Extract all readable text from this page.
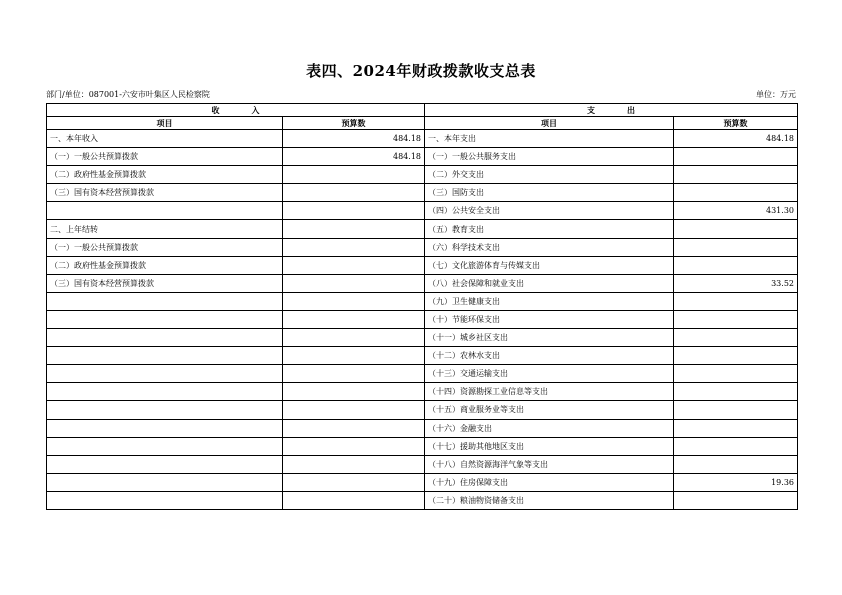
表四、2024年财政拨款收支总表
部门/单位：087001-六安市叶集区人民检察院	单位：万元
收　　　　入		支　　　　出	
项目	预算数	项目	预算数
一、本年收入	484.18	一、本年支出	484.18
（一）一般公共预算拨款	484.18	（一）一般公共服务支出	
（二）政府性基金预算拨款		（二）外交支出	
（三）国有资本经营预算拨款		（三）国防支出	
		（四）公共安全支出	431.30
二、上年结转		（五）教育支出	
（一）一般公共预算拨款		（六）科学技术支出	
（二）政府性基金预算拨款		（七）文化旅游体育与传媒支出	
（三）国有资本经营预算拨款		（八）社会保障和就业支出	33.52
		（九）卫生健康支出	
		（十）节能环保支出	
		（十一）城乡社区支出	
		（十二）农林水支出	
		（十三）交通运输支出	
		（十四）资源勘探工业信息等支出	
		（十五）商业服务业等支出	
		（十六）金融支出	
		（十七）援助其他地区支出	
		（十八）自然资源海洋气象等支出	
		（十九）住房保障支出	19.36
		（二十）粮油物资储备支出	
